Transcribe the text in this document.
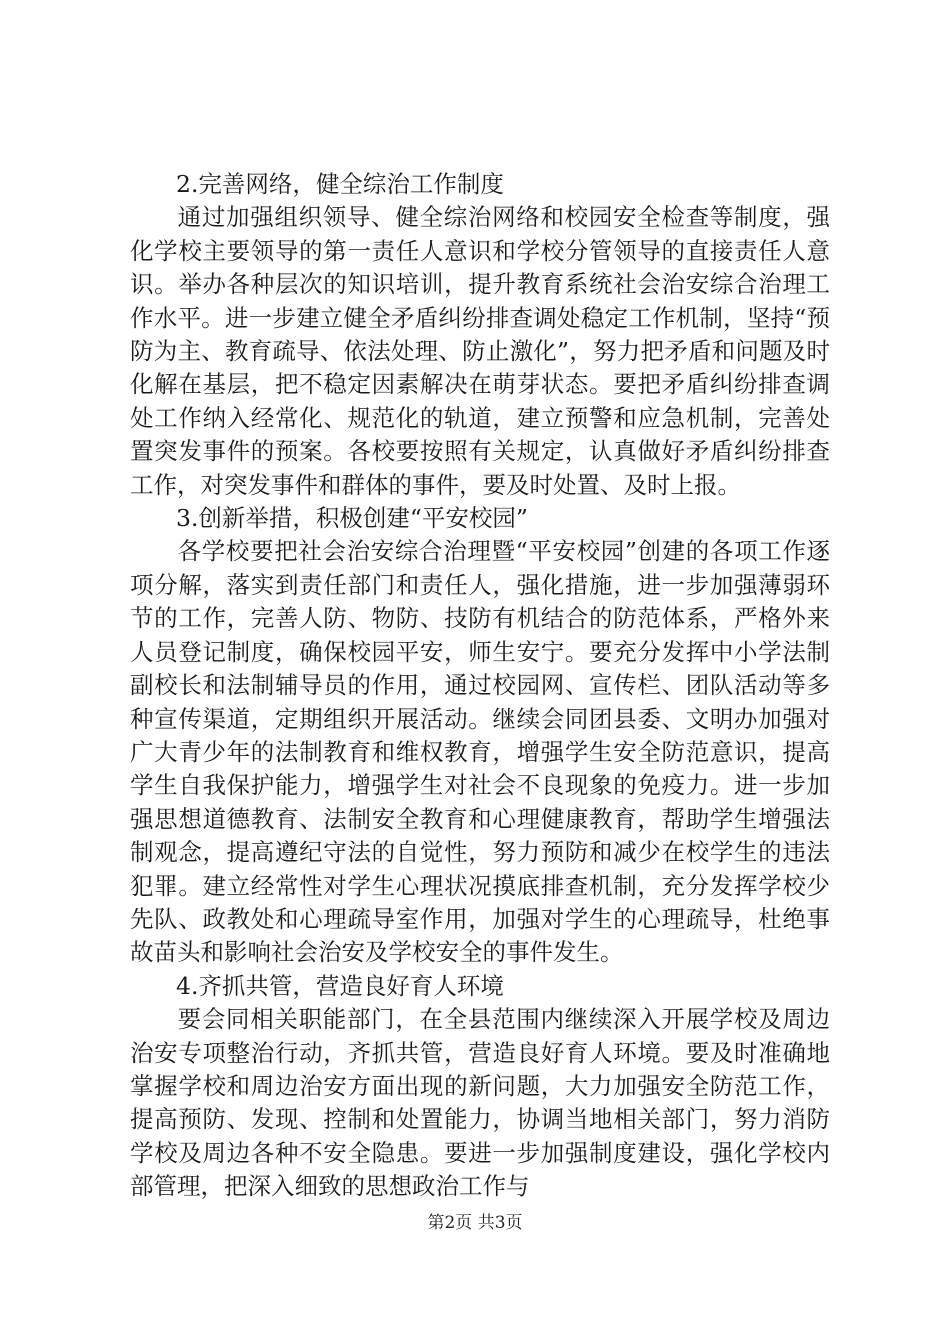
2.完善网络，健全综治工作制度
通过加强组织领导、健全综治网络和校园安全检查等制度，强化学校主要领导的第一责任人意识和学校分管领导的直接责任人意识。举办各种层次的知识培训，提升教育系统社会治安综合治理工作水平。进一步建立健全矛盾纠纷排查调处稳定工作机制，坚持“预防为主、教育疏导、依法处理、防止激化”，努力把矛盾和问题及时化解在基层，把不稳定因素解决在萌芽状态。要把矛盾纠纷排查调处工作纳入经常化、规范化的轨道，建立预警和应急机制，完善处置突发事件的预案。各校要按照有关规定，认真做好矛盾纠纷排查工作，对突发事件和群体的事件，要及时处置、及时上报。
3.创新举措，积极创建“平安校园”
各学校要把社会治安综合治理暨“平安校园”创建的各项工作逐项分解，落实到责任部门和责任人，强化措施，进一步加强薄弱环节的工作，完善人防、物防、技防有机结合的防范体系，严格外来人员登记制度，确保校园平安，师生安宁。要充分发挥中小学法制副校长和法制辅导员的作用，通过校园网、宣传栏、团队活动等多种宣传渠道，定期组织开展活动。继续会同团县委、文明办加强对广大青少年的法制教育和维权教育，增强学生安全防范意识，提高学生自我保护能力，增强学生对社会不良现象的免疫力。进一步加强思想道德教育、法制安全教育和心理健康教育，帮助学生增强法制观念，提高遵纪守法的自觉性，努力预防和减少在校学生的违法犯罪。建立经常性对学生心理状况摸底排查机制，充分发挥学校少先队、政教处和心理疏导室作用，加强对学生的心理疏导，杜绝事故苗头和影响社会治安及学校安全的事件发生。
4.齐抓共管，营造良好育人环境
要会同相关职能部门，在全县范围内继续深入开展学校及周边治安专项整治行动，齐抓共管，营造良好育人环境。要及时准确地掌握学校和周边治安方面出现的新问题，大力加强安全防范工作，提高预防、发现、控制和处置能力，协调当地相关部门，努力消防学校及周边各种不安全隐患。要进一步加强制度建设，强化学校内部管理，把深入细致的思想政治工作与
第2页 共3页
